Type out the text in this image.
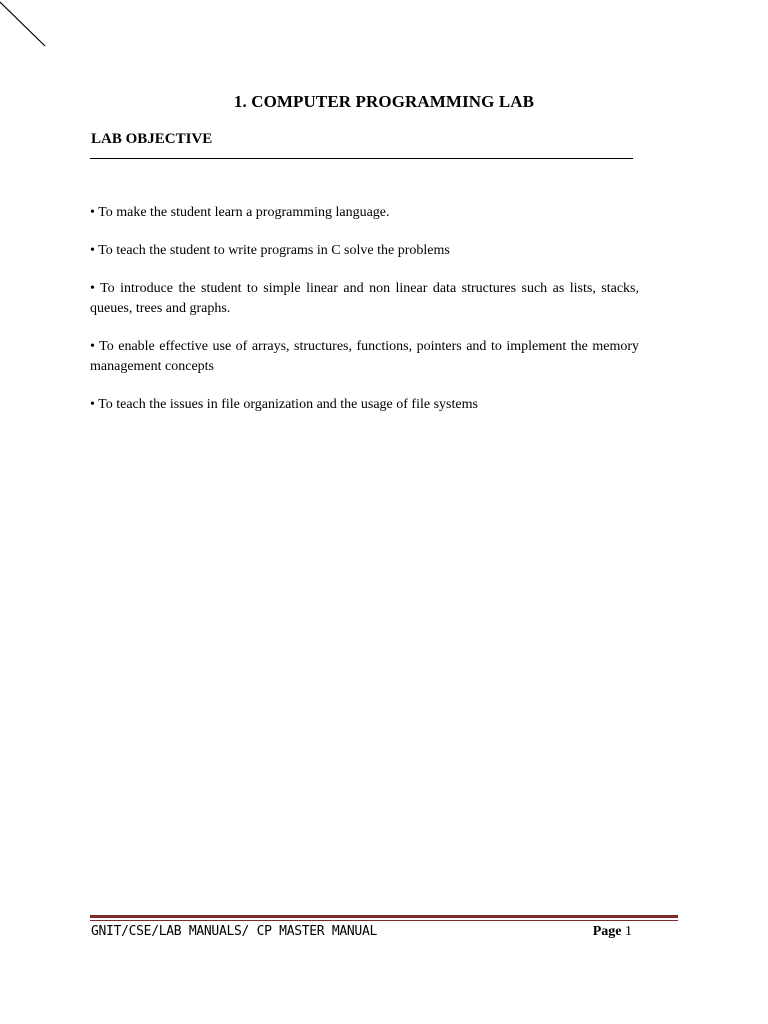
1. COMPUTER PROGRAMMING LAB
LAB OBJECTIVE

• To make the student learn a programming language.

• To teach the student to write programs in C solve the problems

• To introduce the student to simple linear and non linear data structures such as lists, stacks, queues, trees and graphs.

• To enable effective use of arrays, structures, functions, pointers and to implement the memory management concepts

• To teach the issues in file organization and the usage of file systems

GNIT/CSE/LAB MANUALS/ CP MASTER MANUAL	Page 1
